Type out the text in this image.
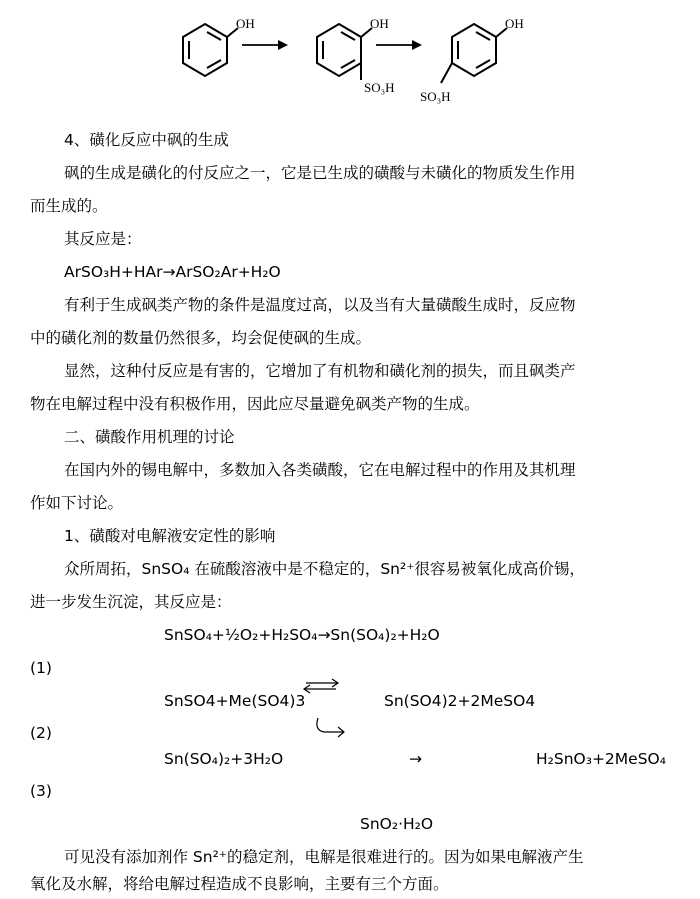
OH	OH
SO₃H
OH
SO₃H
4、磺化反应中砜的生成
砜的生成是磺化的付反应之一，它是已生成的磺酸与未磺化的物质发生作用
而生成的。
其反应是：
ArSO₃H+HAr→ArSO₂Ar+H₂O
有利于生成砜类产物的条件是温度过高，以及当有大量磺酸生成时，反应物
中的磺化剂的数量仍然很多，均会促使砜的生成。
显然，这种付反应是有害的，它增加了有机物和磺化剂的损失，而且砜类产
物在电解过程中没有积极作用，因此应尽量避免砜类产物的生成。
二、磺酸作用机理的讨论
在国内外的锡电解中，多数加入各类磺酸，它在电解过程中的作用及其机理
作如下讨论。
1、磺酸对电解液安定性的影响
众所周拓，SnSO₄ 在硫酸溶液中是不稳定的，Sn²⁺很容易被氧化成高价锡，
进一步发生沉淀，其反应是：
SnSO₄+½O₂+H₂SO₄→Sn(SO₄)₂+H₂O
(1)
SnSO4+Me(SO4)3	Sn(SO4)2+2MeSO4
(2)
Sn(SO₄)₂+3H₂O	→	H₂SnO₃+2MeSO₄
(3)
SnO₂·H₂O
可见没有添加剂作 Sn²⁺的稳定剂，电解是很难进行的。因为如果电解液产生
氧化及水解，将给电解过程造成不良影响，主要有三个方面。
